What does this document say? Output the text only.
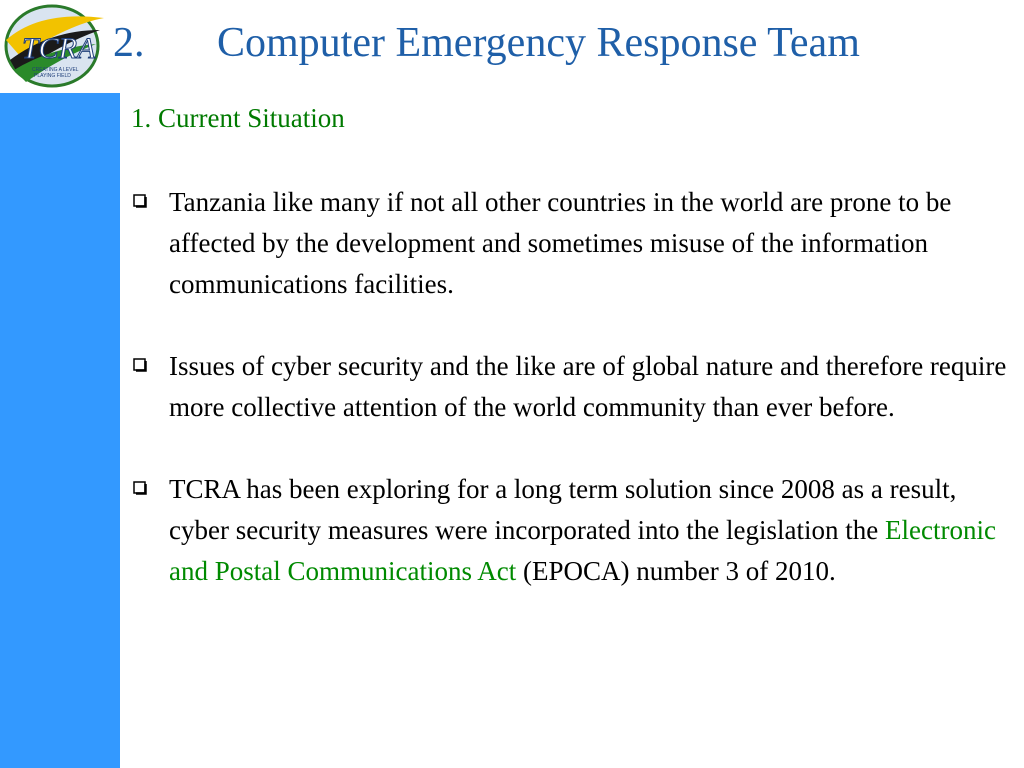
TCRA
CREATING A LEVEL
PLAYING FIELD
2. Computer Emergency Response Team
1. Current Situation
Tanzania like many if not all other countries in the world are prone to be affected by the development and sometimes misuse of the information communications facilities.
Issues of cyber security and the like are of global nature and therefore require more collective attention of the world community than ever before.
TCRA has been exploring for a long term solution since 2008 as a result, cyber security measures were incorporated into the legislation the Electronic and Postal Communications Act (EPOCA) number 3 of 2010.
